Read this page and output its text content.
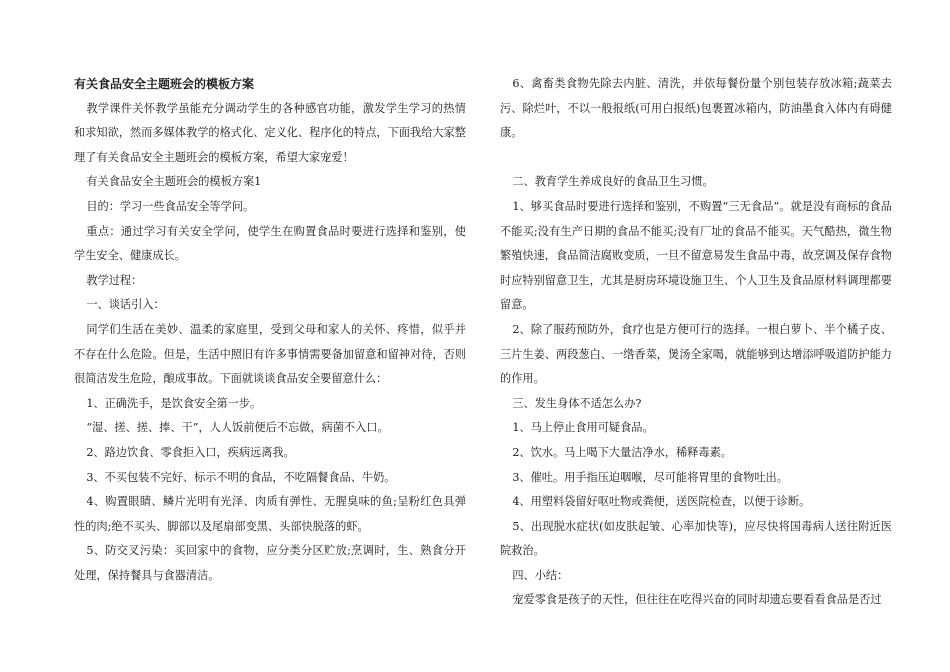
有关食品安全主题班会的模板方案

教学课件关怀教学虽能充分调动学生的各种感官功能，激发学生学习的热情和求知欲，然而多媒体教学的格式化、定义化、程序化的特点，下面我给大家整理了有关食品安全主题班会的模板方案，希望大家宠爱！

有关食品安全主题班会的模板方案1

目的：学习一些食品安全等学问。

重点：通过学习有关安全学问，使学生在购置食品时要进行选择和鉴别，使学生安全、健康成长。

教学过程：

一、谈话引入：

同学们生活在美妙、温柔的家庭里，受到父母和家人的关怀、疼惜，似乎并不存在什么危险。但是，生活中照旧有许多事情需要备加留意和留神对待，否则很简洁发生危险，酿成事故。下面就谈谈食品安全要留意什么：

1、正确洗手，是饮食安全第一步。

“湿、搓、搓、捧、干”，人人饭前便后不忘做，病菌不入口。

2、路边饮食、零食拒入口，疾病远离我。

3、不买包装不完好、标示不明的食品，不吃隔餐食品、牛奶。

4、购置眼睛、鳞片光明有光泽、肉质有弹性、无腥臭味的鱼;呈粉红色具弹性的肉;绝不买头、脚部以及尾扇部变黑、头部快脱落的虾。

5、防交叉污染：买回家中的食物，应分类分区贮放;烹调时，生、熟食分开处理，保持餐具与食器清洁。

6、禽畜类食物先除去内脏、清洗，并依每餐份量个别包装存放冰箱;蔬菜去污、除烂叶，不以一般报纸(可用白报纸)包裹置冰箱内，防油墨食入体内有碍健康。

二、教育学生养成良好的食品卫生习惯。

1、够买食品时要进行选择和鉴别，不购置“三无食品”。就是没有商标的食品不能买;没有生产日期的食品不能买;没有厂址的食品不能买。天气酷热，微生物繁殖快速，食品简洁腐败变质，一旦不留意易发生食品中毒，故烹调及保存食物时应特别留意卫生，尤其是厨房环境设施卫生、个人卫生及食品原材料调理都要留意。

2、除了服药预防外，食疗也是方便可行的选择。一根白萝卜、半个橘子皮、三片生姜、两段葱白、一绺香菜，煲汤全家喝，就能够到达增添呼吸道防护能力的作用。

三、发生身体不适怎么办?

1、马上停止食用可疑食品。

2、饮水。马上喝下大量洁净水，稀释毒素。

3、催吐。用手指压迫咽喉，尽可能将胃里的食物吐出。

4、用塑料袋留好呕吐物或粪便，送医院检查，以便于诊断。

5、出现脱水症状(如皮肤起皱、心率加快等)，应尽快将国毒病人送往附近医院救治。

四、小结：

宠爱零食是孩子的天性，但往往在吃得兴奋的同时却遗忘要看看食品是否过
